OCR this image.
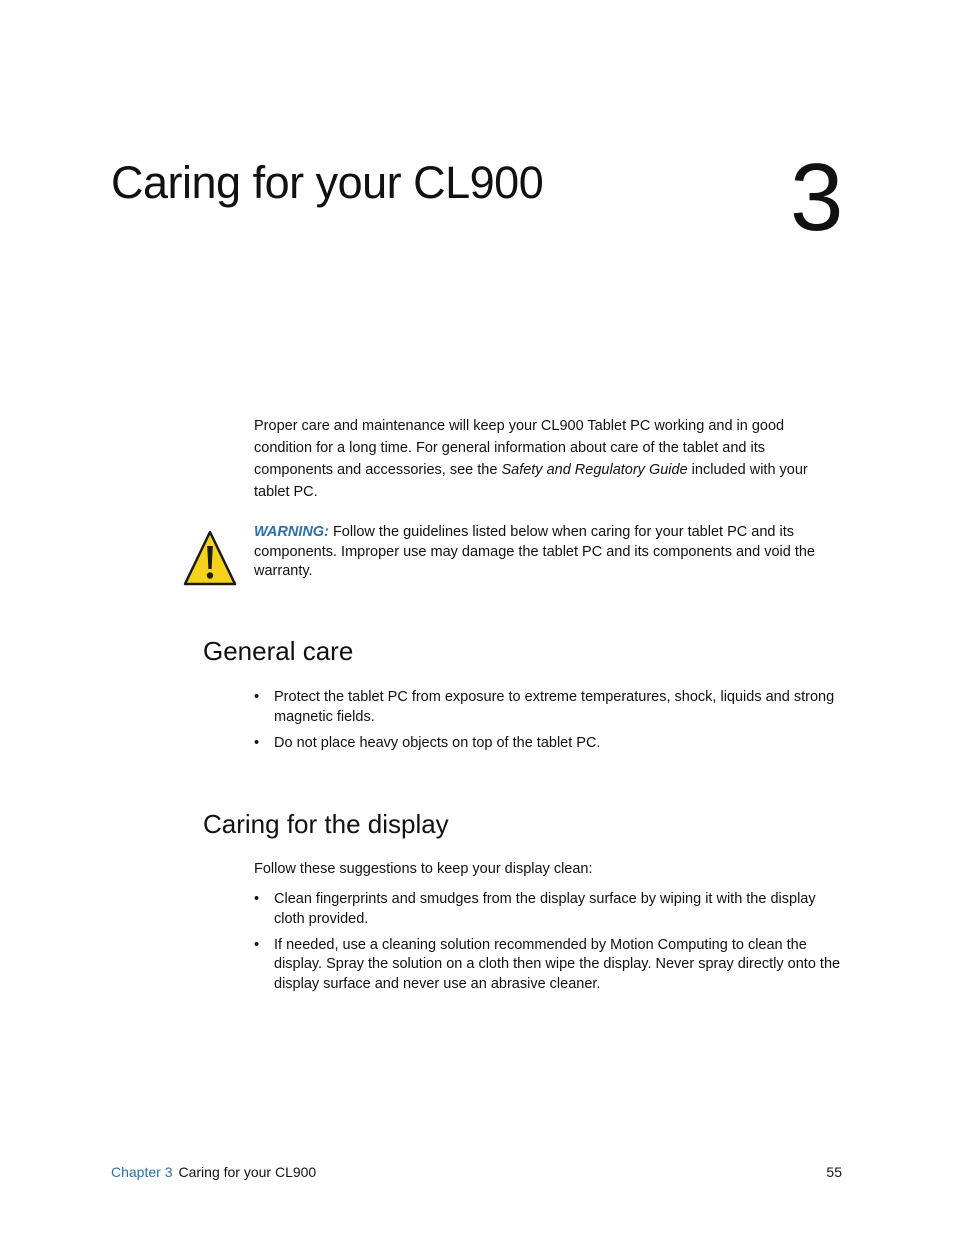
Caring for your CL900	3

Proper care and maintenance will keep your CL900 Tablet PC working and in good condition for a long time. For general information about care of the tablet and its components and accessories, see the Safety and Regulatory Guide included with your tablet PC.

WARNING: Follow the guidelines listed below when caring for your tablet PC and its components. Improper use may damage the tablet PC and its components and void the warranty.

General care
• Protect the tablet PC from exposure to extreme temperatures, shock, liquids and strong magnetic fields.
• Do not place heavy objects on top of the tablet PC.
Caring for the display

Follow these suggestions to keep your display clean:

• Clean fingerprints and smudges from the display surface by wiping it with the display cloth provided.
• If needed, use a cleaning solution recommended by Motion Computing to clean the display. Spray the solution on a cloth then wipe the display. Never spray directly onto the display surface and never use an abrasive cleaner.
Chapter 3 Caring for your CL900	55
